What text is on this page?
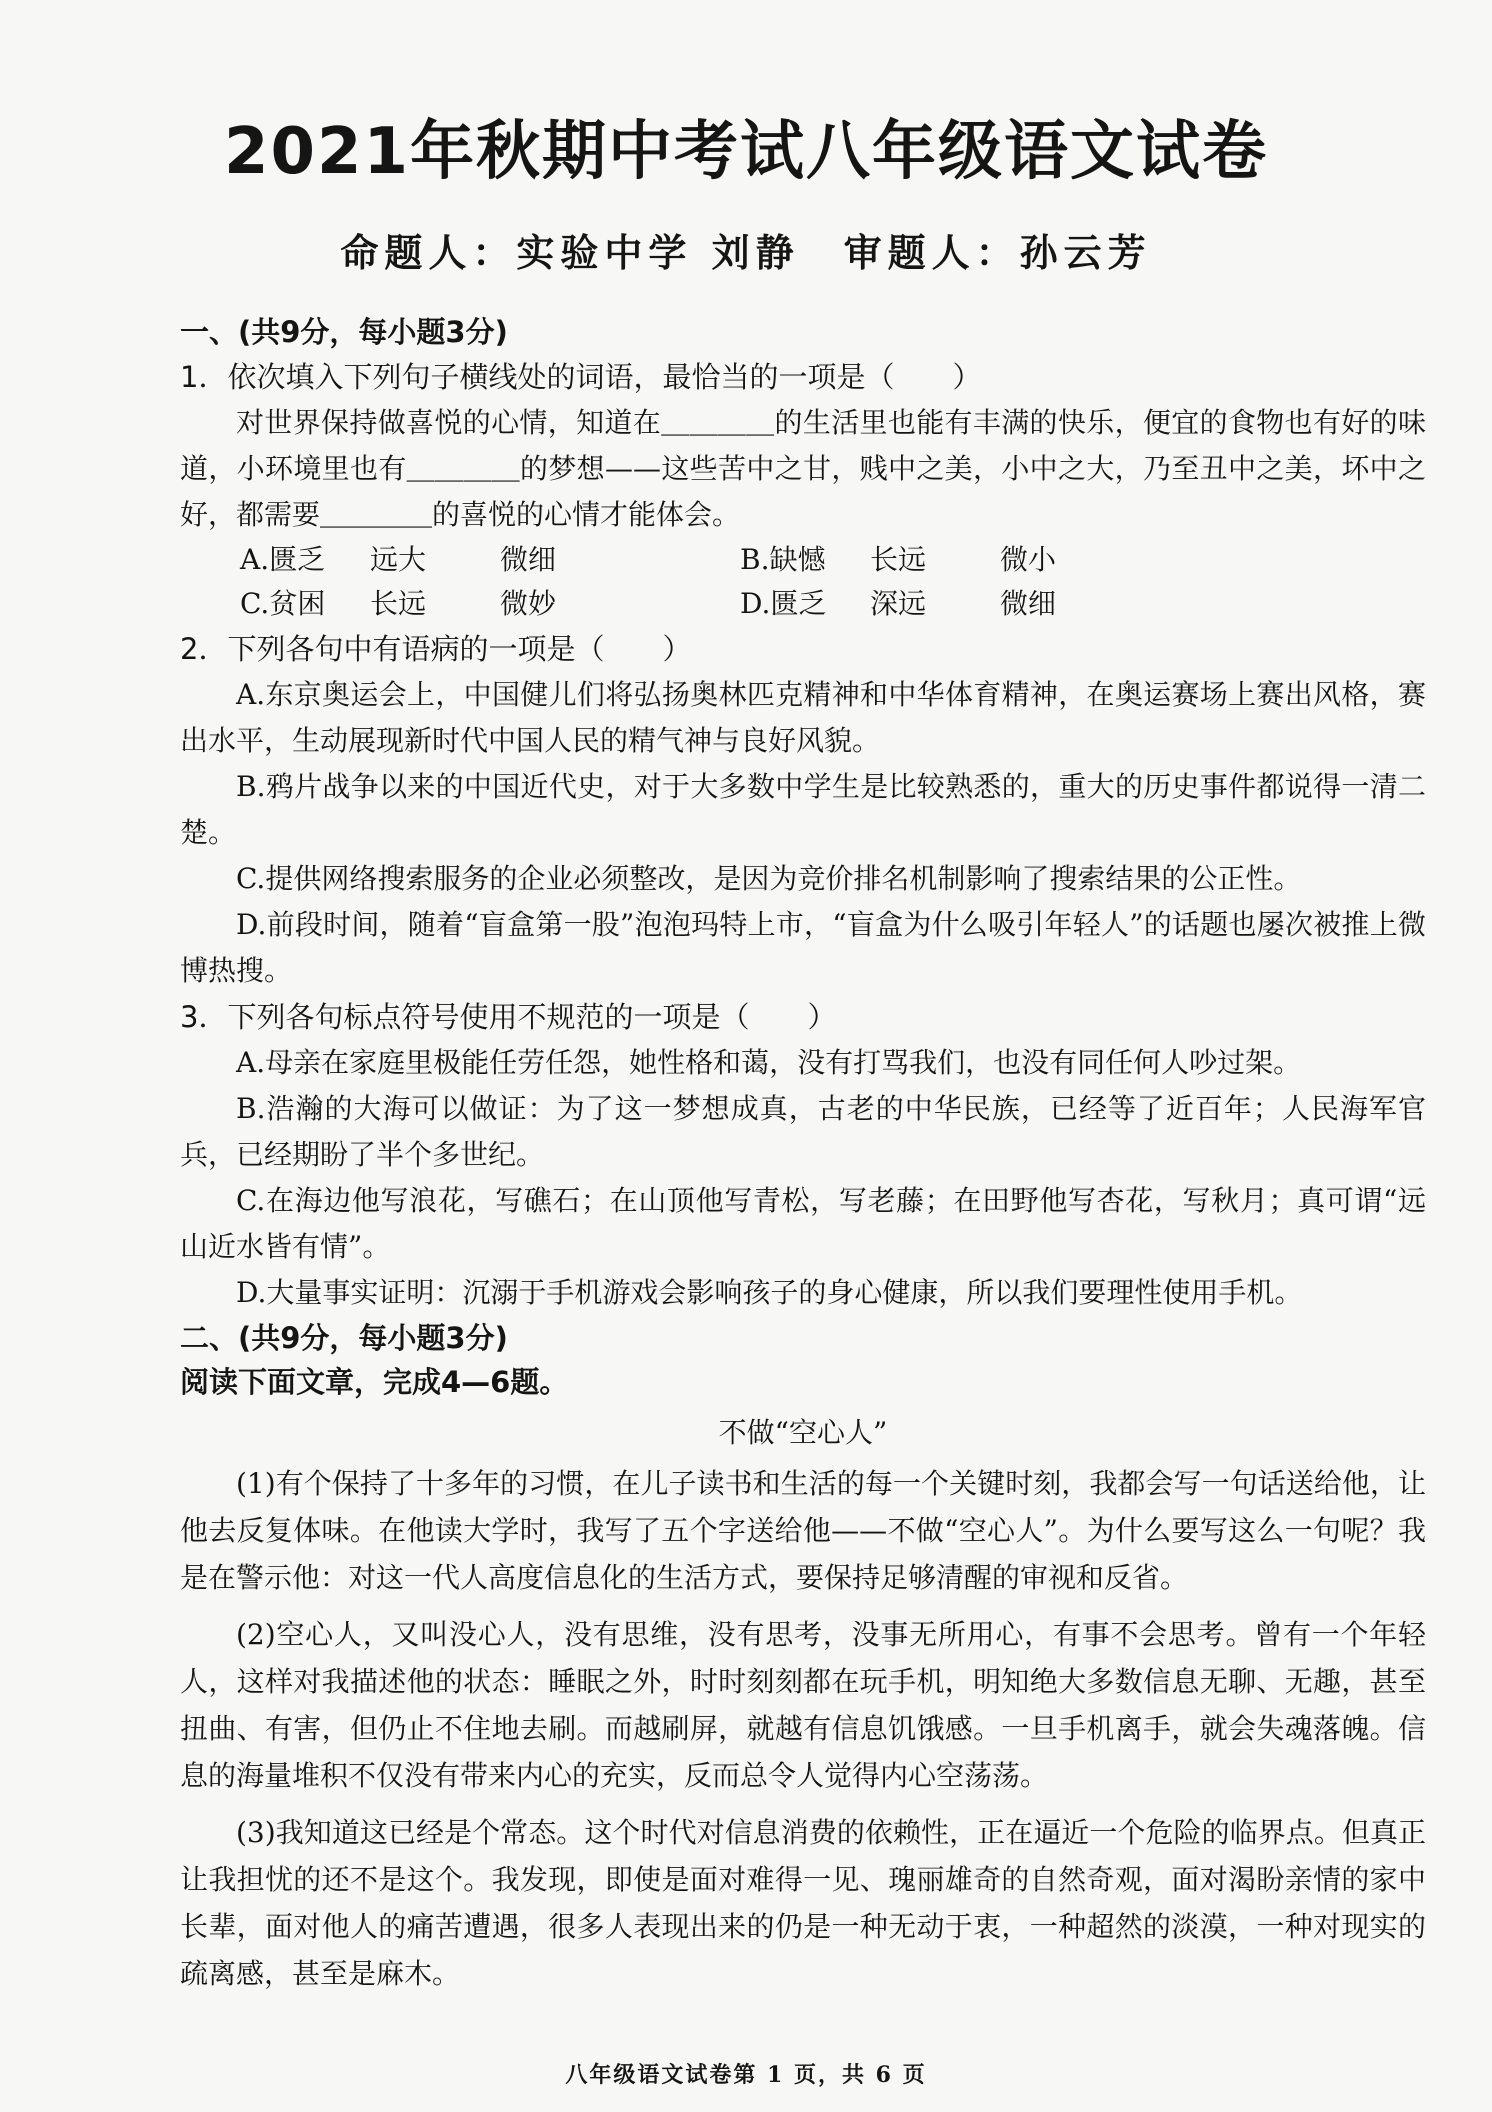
2021年秋期中考试八年级语文试卷
命题人：实验中学 刘静　审题人：孙云芳
一、(共9分，每小题3分)
1．依次填入下列句子横线处的词语，最恰当的一项是（　　）
对世界保持做喜悦的心情，知道在＿＿＿＿的生活里也能有丰满的快乐，便宜的食物也有好的味道，小环境里也有＿＿＿＿的梦想——这些苦中之甘，贱中之美，小中之大，乃至丑中之美，坏中之好，都需要＿＿＿＿的喜悦的心情才能体会。
A.匮乏	远大	微细	B.缺憾	长远	微小
C.贫困	长远	微妙	D.匮乏	深远	微细
2．下列各句中有语病的一项是（　　）
A.东京奥运会上，中国健儿们将弘扬奥林匹克精神和中华体育精神，在奥运赛场上赛出风格，赛出水平，生动展现新时代中国人民的精气神与良好风貌。
B.鸦片战争以来的中国近代史，对于大多数中学生是比较熟悉的，重大的历史事件都说得一清二楚。
C.提供网络搜索服务的企业必须整改，是因为竞价排名机制影响了搜索结果的公正性。
D.前段时间，随着“盲盒第一股”泡泡玛特上市，“盲盒为什么吸引年轻人”的话题也屡次被推上微博热搜。
3．下列各句标点符号使用不规范的一项是（　　）
A.母亲在家庭里极能任劳任怨，她性格和蔼，没有打骂我们，也没有同任何人吵过架。
B.浩瀚的大海可以做证：为了这一梦想成真，古老的中华民族，已经等了近百年；人民海军官兵，已经期盼了半个多世纪。
C.在海边他写浪花，写礁石；在山顶他写青松，写老藤；在田野他写杏花，写秋月；真可谓“远山近水皆有情”。
D.大量事实证明：沉溺于手机游戏会影响孩子的身心健康，所以我们要理性使用手机。
二、(共9分，每小题3分)
阅读下面文章，完成4—6题。
不做“空心人”
(1)有个保持了十多年的习惯，在儿子读书和生活的每一个关键时刻，我都会写一句话送给他，让他去反复体味。在他读大学时，我写了五个字送给他——不做“空心人”。为什么要写这么一句呢？我是在警示他：对这一代人高度信息化的生活方式，要保持足够清醒的审视和反省。
(2)空心人，又叫没心人，没有思维，没有思考，没事无所用心，有事不会思考。曾有一个年轻人，这样对我描述他的状态：睡眠之外，时时刻刻都在玩手机，明知绝大多数信息无聊、无趣，甚至扭曲、有害，但仍止不住地去刷。而越刷屏，就越有信息饥饿感。一旦手机离手，就会失魂落魄。信息的海量堆积不仅没有带来内心的充实，反而总令人觉得内心空荡荡。
(3)我知道这已经是个常态。这个时代对信息消费的依赖性，正在逼近一个危险的临界点。但真正让我担忧的还不是这个。我发现，即使是面对难得一见、瑰丽雄奇的自然奇观，面对渴盼亲情的家中长辈，面对他人的痛苦遭遇，很多人表现出来的仍是一种无动于衷，一种超然的淡漠，一种对现实的疏离感，甚至是麻木。
八年级语文试卷第 1 页，共 6 页
